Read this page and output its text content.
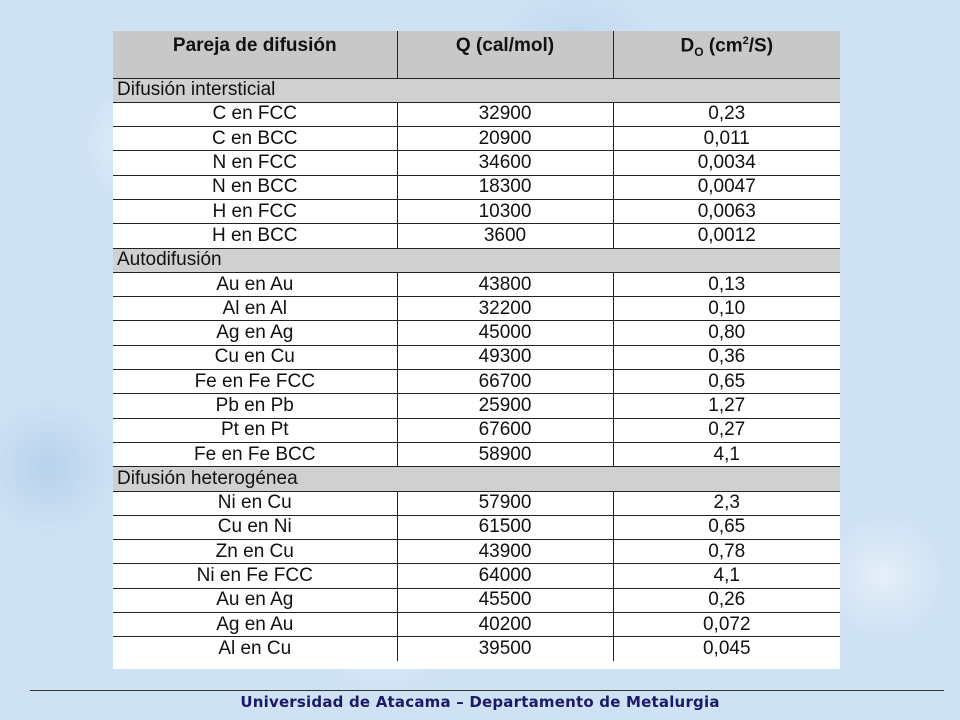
Pareja de difusión	Q (cal/mol)	$D_O$ $(cm^2/S)$
Difusión intersticial		
C en FCC	32900	0,23
C en BCC	20900	0,011
N en FCC	34600	0,0034
N en BCC	18300	0,0047
H en FCC	10300	0,0063
H en BCC	3600	0,0012
Autodifusión		
Au en Au	43800	0,13
Al en Al	32200	0,10
Ag en Ag	45000	0,80
Cu en Cu	49300	0,36
Fe en Fe FCC	66700	0,65
Pb en Pb	25900	1,27
Pt en Pt	67600	0,27
Fe en Fe BCC	58900	4,1
Difusión heterogénea		
Ni en Cu	57900	2,3
Cu en Ni	61500	0,65
Zn en Cu	43900	0,78
Ni en Fe FCC	64000	4,1
Au en Ag	45500	0,26
Ag en Au	40200	0,072
Al en Cu	39500	0,045
Universidad de Atacama – Departamento de Metalurgia
